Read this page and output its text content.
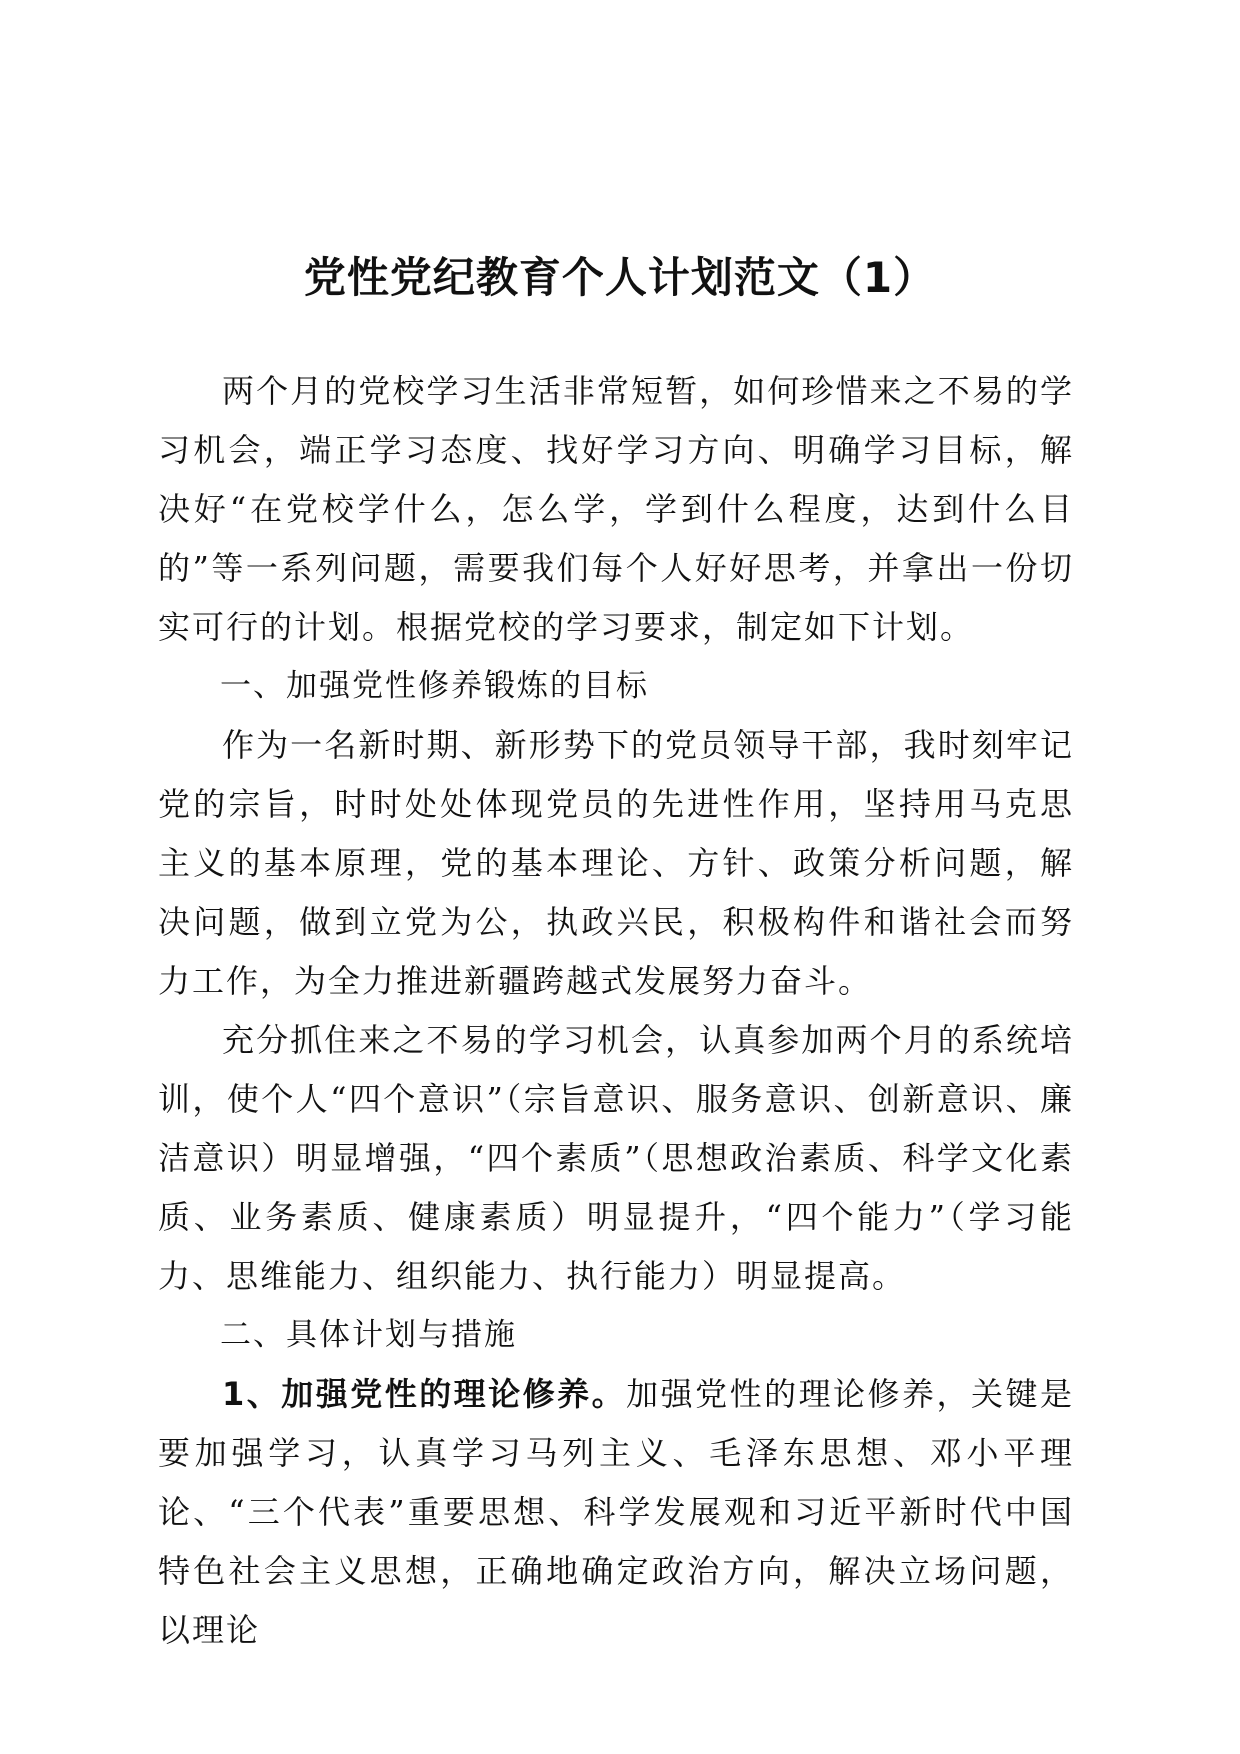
党性党纪教育个人计划范文（1）

两个月的党校学习生活非常短暂，如何珍惜来之不易的学习机会，端正学习态度、找好学习方向、明确学习目标，解决好“在党校学什么，怎么学，学到什么程度，达到什么目的”等一系列问题，需要我们每个人好好思考，并拿出一份切实可行的计划。根据党校的学习要求，制定如下计划。

一、加强党性修养锻炼的目标

作为一名新时期、新形势下的党员领导干部，我时刻牢记党的宗旨，时时处处体现党员的先进性作用，坚持用马克思主义的基本原理，党的基本理论、方针、政策分析问题，解决问题，做到立党为公，执政兴民，积极构件和谐社会而努力工作，为全力推进新疆跨越式发展努力奋斗。

充分抓住来之不易的学习机会，认真参加两个月的系统培训，使个人“四个意识”（宗旨意识、服务意识、创新意识、廉洁意识）明显增强，“四个素质”（思想政治素质、科学文化素质、业务素质、健康素质）明显提升，“四个能力”（学习能力、思维能力、组织能力、执行能力）明显提高。

二、具体计划与措施

1、加强党性的理论修养。加强党性的理论修养，关键是要加强学习，认真学习马列主义、毛泽东思想、邓小平理论、“三个代表”重要思想、科学发展观和习近平新时代中国特色社会主义思想，正确地确定政治方向，解决立场问题，以理论
